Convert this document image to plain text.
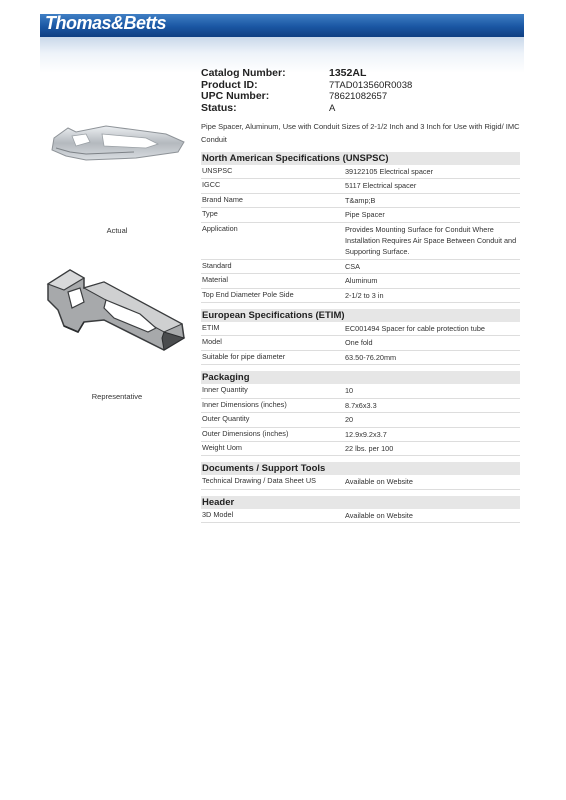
Thomas&Betts
Actual
Representative
Catalog Number:	1352AL
Product ID:	7TAD013560R0038
UPC Number:	78621082657
Status:	A
Pipe Spacer, Aluminum, Use with Conduit Sizes of 2-1/2 Inch and 3 Inch for Use with Rigid/ IMC Conduit
North American Specifications (UNSPSC)
UNSPSC	39122105 Electrical spacer
IGCC	5117 Electrical spacer
Brand Name	T&amp;B
Type	Pipe Spacer
Application	Provides Mounting Surface for Conduit Where Installation Requires Air Space Between Conduit and Supporting Surface.
Standard	CSA
Material	Aluminum
Top End Diameter Pole Side	2-1/2 to 3 in
European Specifications (ETIM)
ETIM	EC001494 Spacer for cable protection tube
Model	One fold
Suitable for pipe diameter	63.50-76.20mm
Packaging
Inner Quantity	10
Inner Dimensions (inches)	8.7x6x3.3
Outer Quantity	20
Outer Dimensions (inches)	12.9x9.2x3.7
Weight Uom	22 lbs. per 100
Documents / Support Tools
Technical Drawing / Data Sheet US	Available on Website
Header
3D Model	Available on Website
